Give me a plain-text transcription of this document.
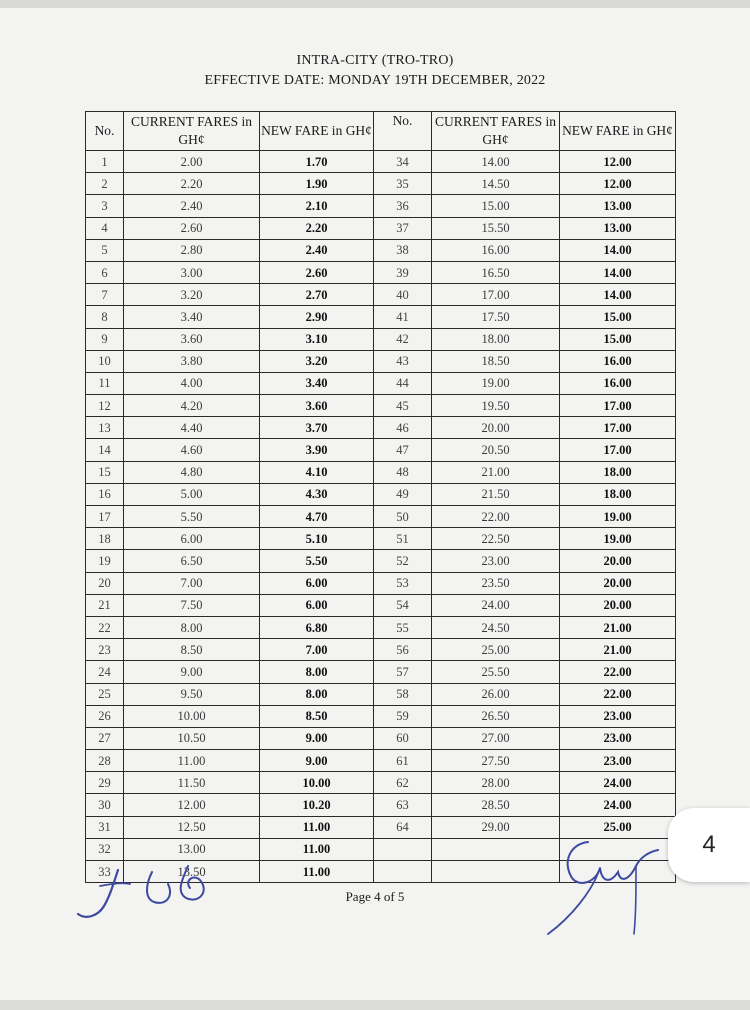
INTRA-CITY (TRO-TRO)
EFFECTIVE DATE: MONDAY 19TH DECEMBER, 2022
No.	CURRENT FARES in GH¢	NEW FARE in GH¢	No.	CURRENT FARES in GH¢	NEW FARE in GH¢
1	2.00	1.70	34	14.00	12.00
2	2.20	1.90	35	14.50	12.00
3	2.40	2.10	36	15.00	13.00
4	2.60	2.20	37	15.50	13.00
5	2.80	2.40	38	16.00	14.00
6	3.00	2.60	39	16.50	14.00
7	3.20	2.70	40	17.00	14.00
8	3.40	2.90	41	17.50	15.00
9	3.60	3.10	42	18.00	15.00
10	3.80	3.20	43	18.50	16.00
11	4.00	3.40	44	19.00	16.00
12	4.20	3.60	45	19.50	17.00
13	4.40	3.70	46	20.00	17.00
14	4.60	3.90	47	20.50	17.00
15	4.80	4.10	48	21.00	18.00
16	5.00	4.30	49	21.50	18.00
17	5.50	4.70	50	22.00	19.00
18	6.00	5.10	51	22.50	19.00
19	6.50	5.50	52	23.00	20.00
20	7.00	6.00	53	23.50	20.00
21	7.50	6.00	54	24.00	20.00
22	8.00	6.80	55	24.50	21.00
23	8.50	7.00	56	25.00	21.00
24	9.00	8.00	57	25.50	22.00
25	9.50	8.00	58	26.00	22.00
26	10.00	8.50	59	26.50	23.00
27	10.50	9.00	60	27.00	23.00
28	11.00	9.00	61	27.50	23.00
29	11.50	10.00	62	28.00	24.00
30	12.00	10.20	63	28.50	24.00
31	12.50	11.00	64	29.00	25.00
32	13.00	11.00			
33	13.50	11.00			
Page 4 of 5
4
